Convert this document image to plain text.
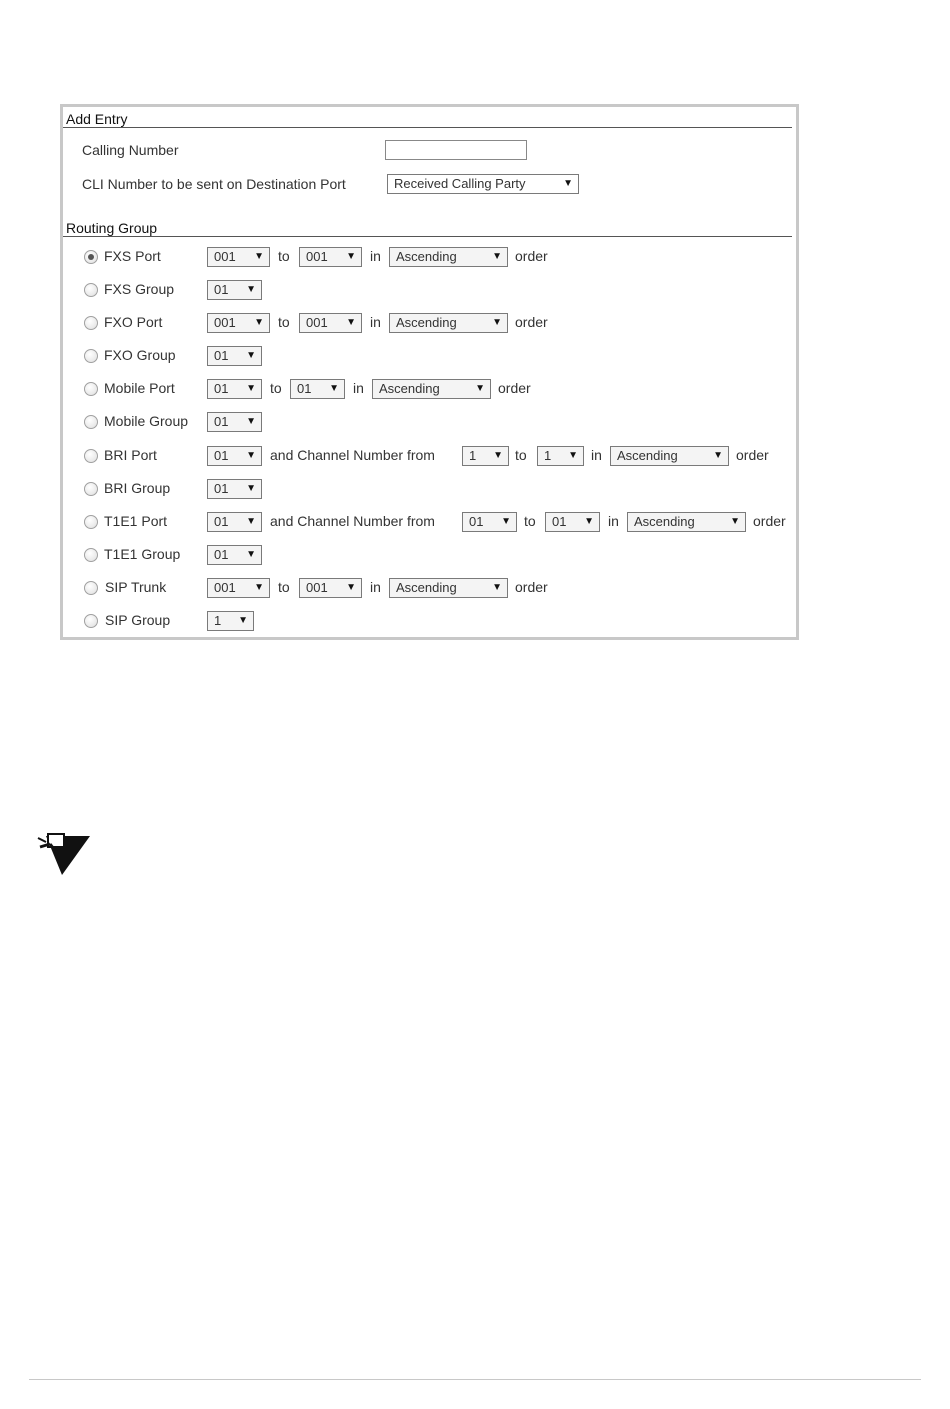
Add Entry
Calling Number
CLI Number to be sent on Destination Port	Received Calling Party	▼
Routing Group
FXS Port	001 ▼ to	001 ▼ in	Ascending	▼ order
FXS Group	01 ▼
FXO Port	001 ▼ to	001 ▼ in	Ascending	▼ order
FXO Group	01 ▼
Mobile Port	01 ▼ to	01 ▼ in	Ascending	▼ order
Mobile Group	01 ▼
BRI Port	01 ▼ and Channel Number from	1 ▼ to	1 ▼ in	Ascending	▼ order
BRI Group	01 ▼
T1E1 Port	01 ▼ and Channel Number from	01 ▼ to	01 ▼ in	Ascending	▼ order
T1E1 Group	01 ▼
SIP Trunk	001 ▼ to	001 ▼ in	Ascending	▼ order
SIP Group	1 ▼
